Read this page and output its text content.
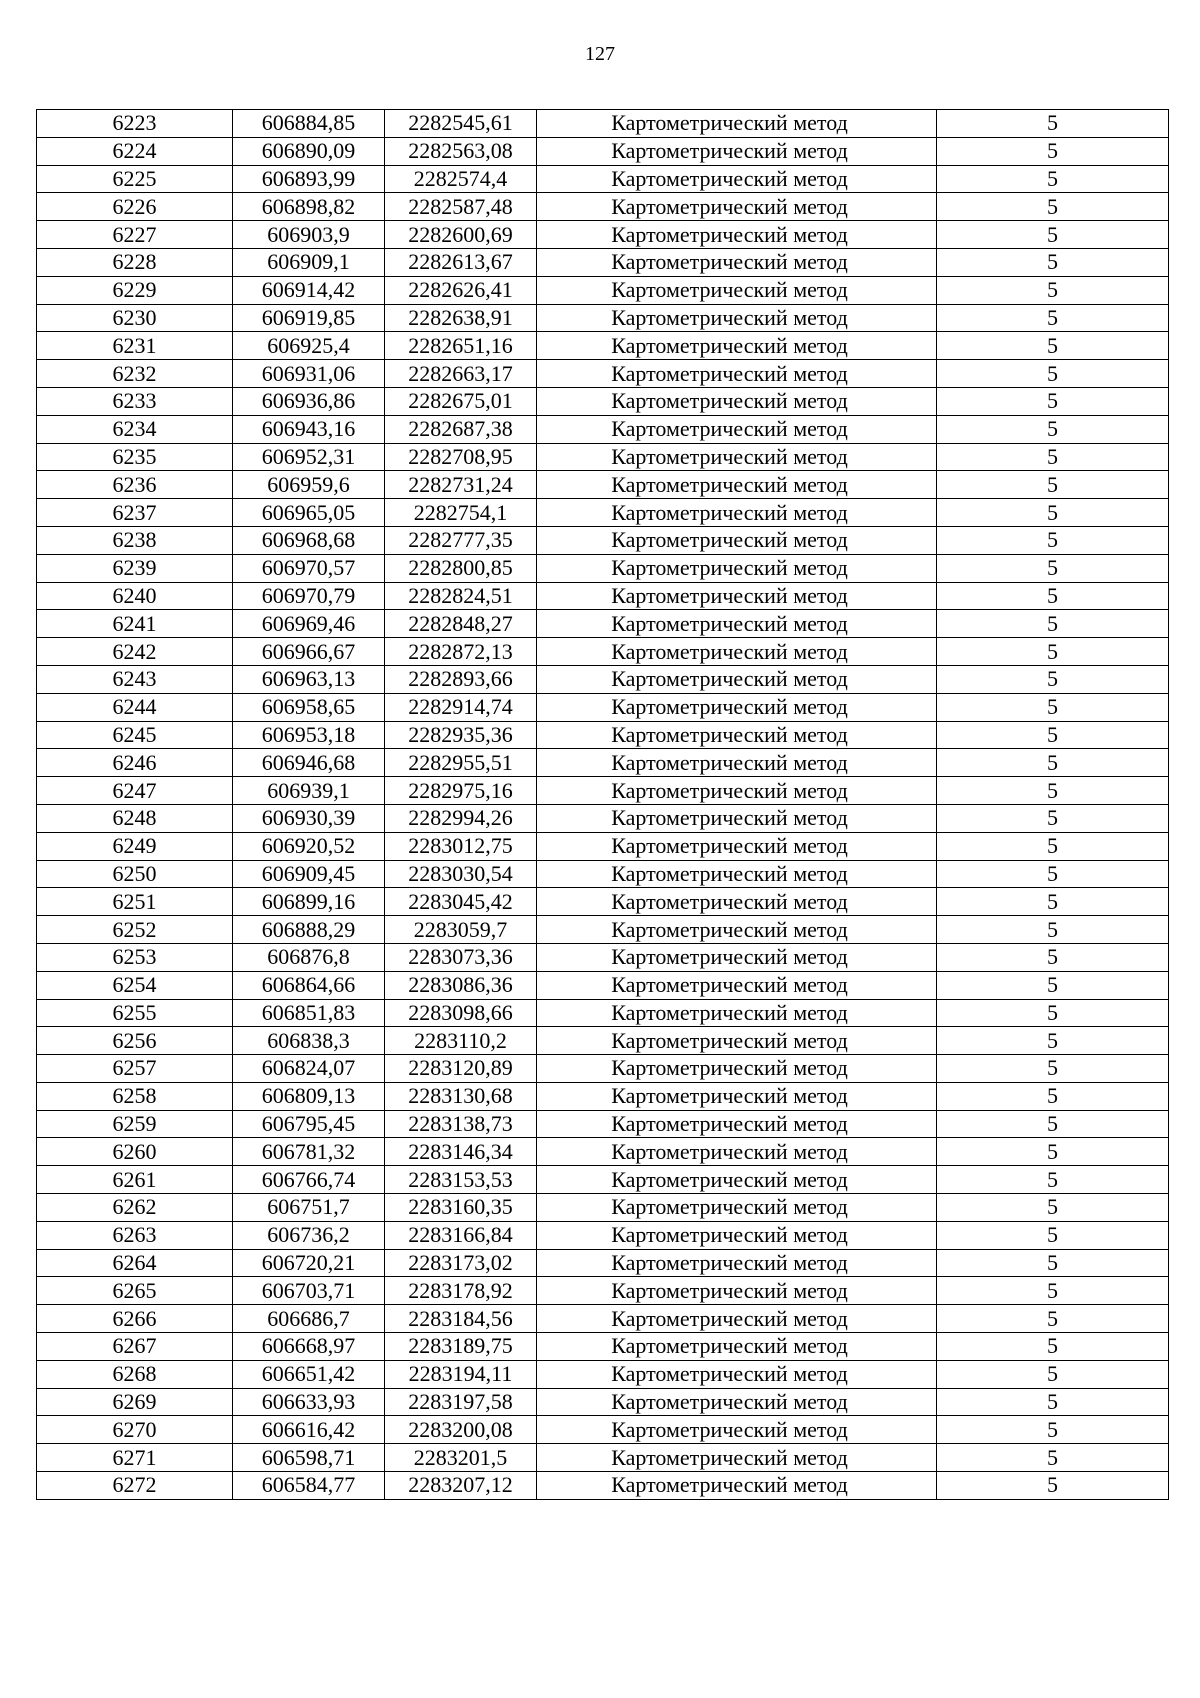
127
6223	606884,85	2282545,61	Картометрический метод	5
6224	606890,09	2282563,08	Картометрический метод	5
6225	606893,99	2282574,4	Картометрический метод	5
6226	606898,82	2282587,48	Картометрический метод	5
6227	606903,9	2282600,69	Картометрический метод	5
6228	606909,1	2282613,67	Картометрический метод	5
6229	606914,42	2282626,41	Картометрический метод	5
6230	606919,85	2282638,91	Картометрический метод	5
6231	606925,4	2282651,16	Картометрический метод	5
6232	606931,06	2282663,17	Картометрический метод	5
6233	606936,86	2282675,01	Картометрический метод	5
6234	606943,16	2282687,38	Картометрический метод	5
6235	606952,31	2282708,95	Картометрический метод	5
6236	606959,6	2282731,24	Картометрический метод	5
6237	606965,05	2282754,1	Картометрический метод	5
6238	606968,68	2282777,35	Картометрический метод	5
6239	606970,57	2282800,85	Картометрический метод	5
6240	606970,79	2282824,51	Картометрический метод	5
6241	606969,46	2282848,27	Картометрический метод	5
6242	606966,67	2282872,13	Картометрический метод	5
6243	606963,13	2282893,66	Картометрический метод	5
6244	606958,65	2282914,74	Картометрический метод	5
6245	606953,18	2282935,36	Картометрический метод	5
6246	606946,68	2282955,51	Картометрический метод	5
6247	606939,1	2282975,16	Картометрический метод	5
6248	606930,39	2282994,26	Картометрический метод	5
6249	606920,52	2283012,75	Картометрический метод	5
6250	606909,45	2283030,54	Картометрический метод	5
6251	606899,16	2283045,42	Картометрический метод	5
6252	606888,29	2283059,7	Картометрический метод	5
6253	606876,8	2283073,36	Картометрический метод	5
6254	606864,66	2283086,36	Картометрический метод	5
6255	606851,83	2283098,66	Картометрический метод	5
6256	606838,3	2283110,2	Картометрический метод	5
6257	606824,07	2283120,89	Картометрический метод	5
6258	606809,13	2283130,68	Картометрический метод	5
6259	606795,45	2283138,73	Картометрический метод	5
6260	606781,32	2283146,34	Картометрический метод	5
6261	606766,74	2283153,53	Картометрический метод	5
6262	606751,7	2283160,35	Картометрический метод	5
6263	606736,2	2283166,84	Картометрический метод	5
6264	606720,21	2283173,02	Картометрический метод	5
6265	606703,71	2283178,92	Картометрический метод	5
6266	606686,7	2283184,56	Картометрический метод	5
6267	606668,97	2283189,75	Картометрический метод	5
6268	606651,42	2283194,11	Картометрический метод	5
6269	606633,93	2283197,58	Картометрический метод	5
6270	606616,42	2283200,08	Картометрический метод	5
6271	606598,71	2283201,5	Картометрический метод	5
6272	606584,77	2283207,12	Картометрический метод	5
